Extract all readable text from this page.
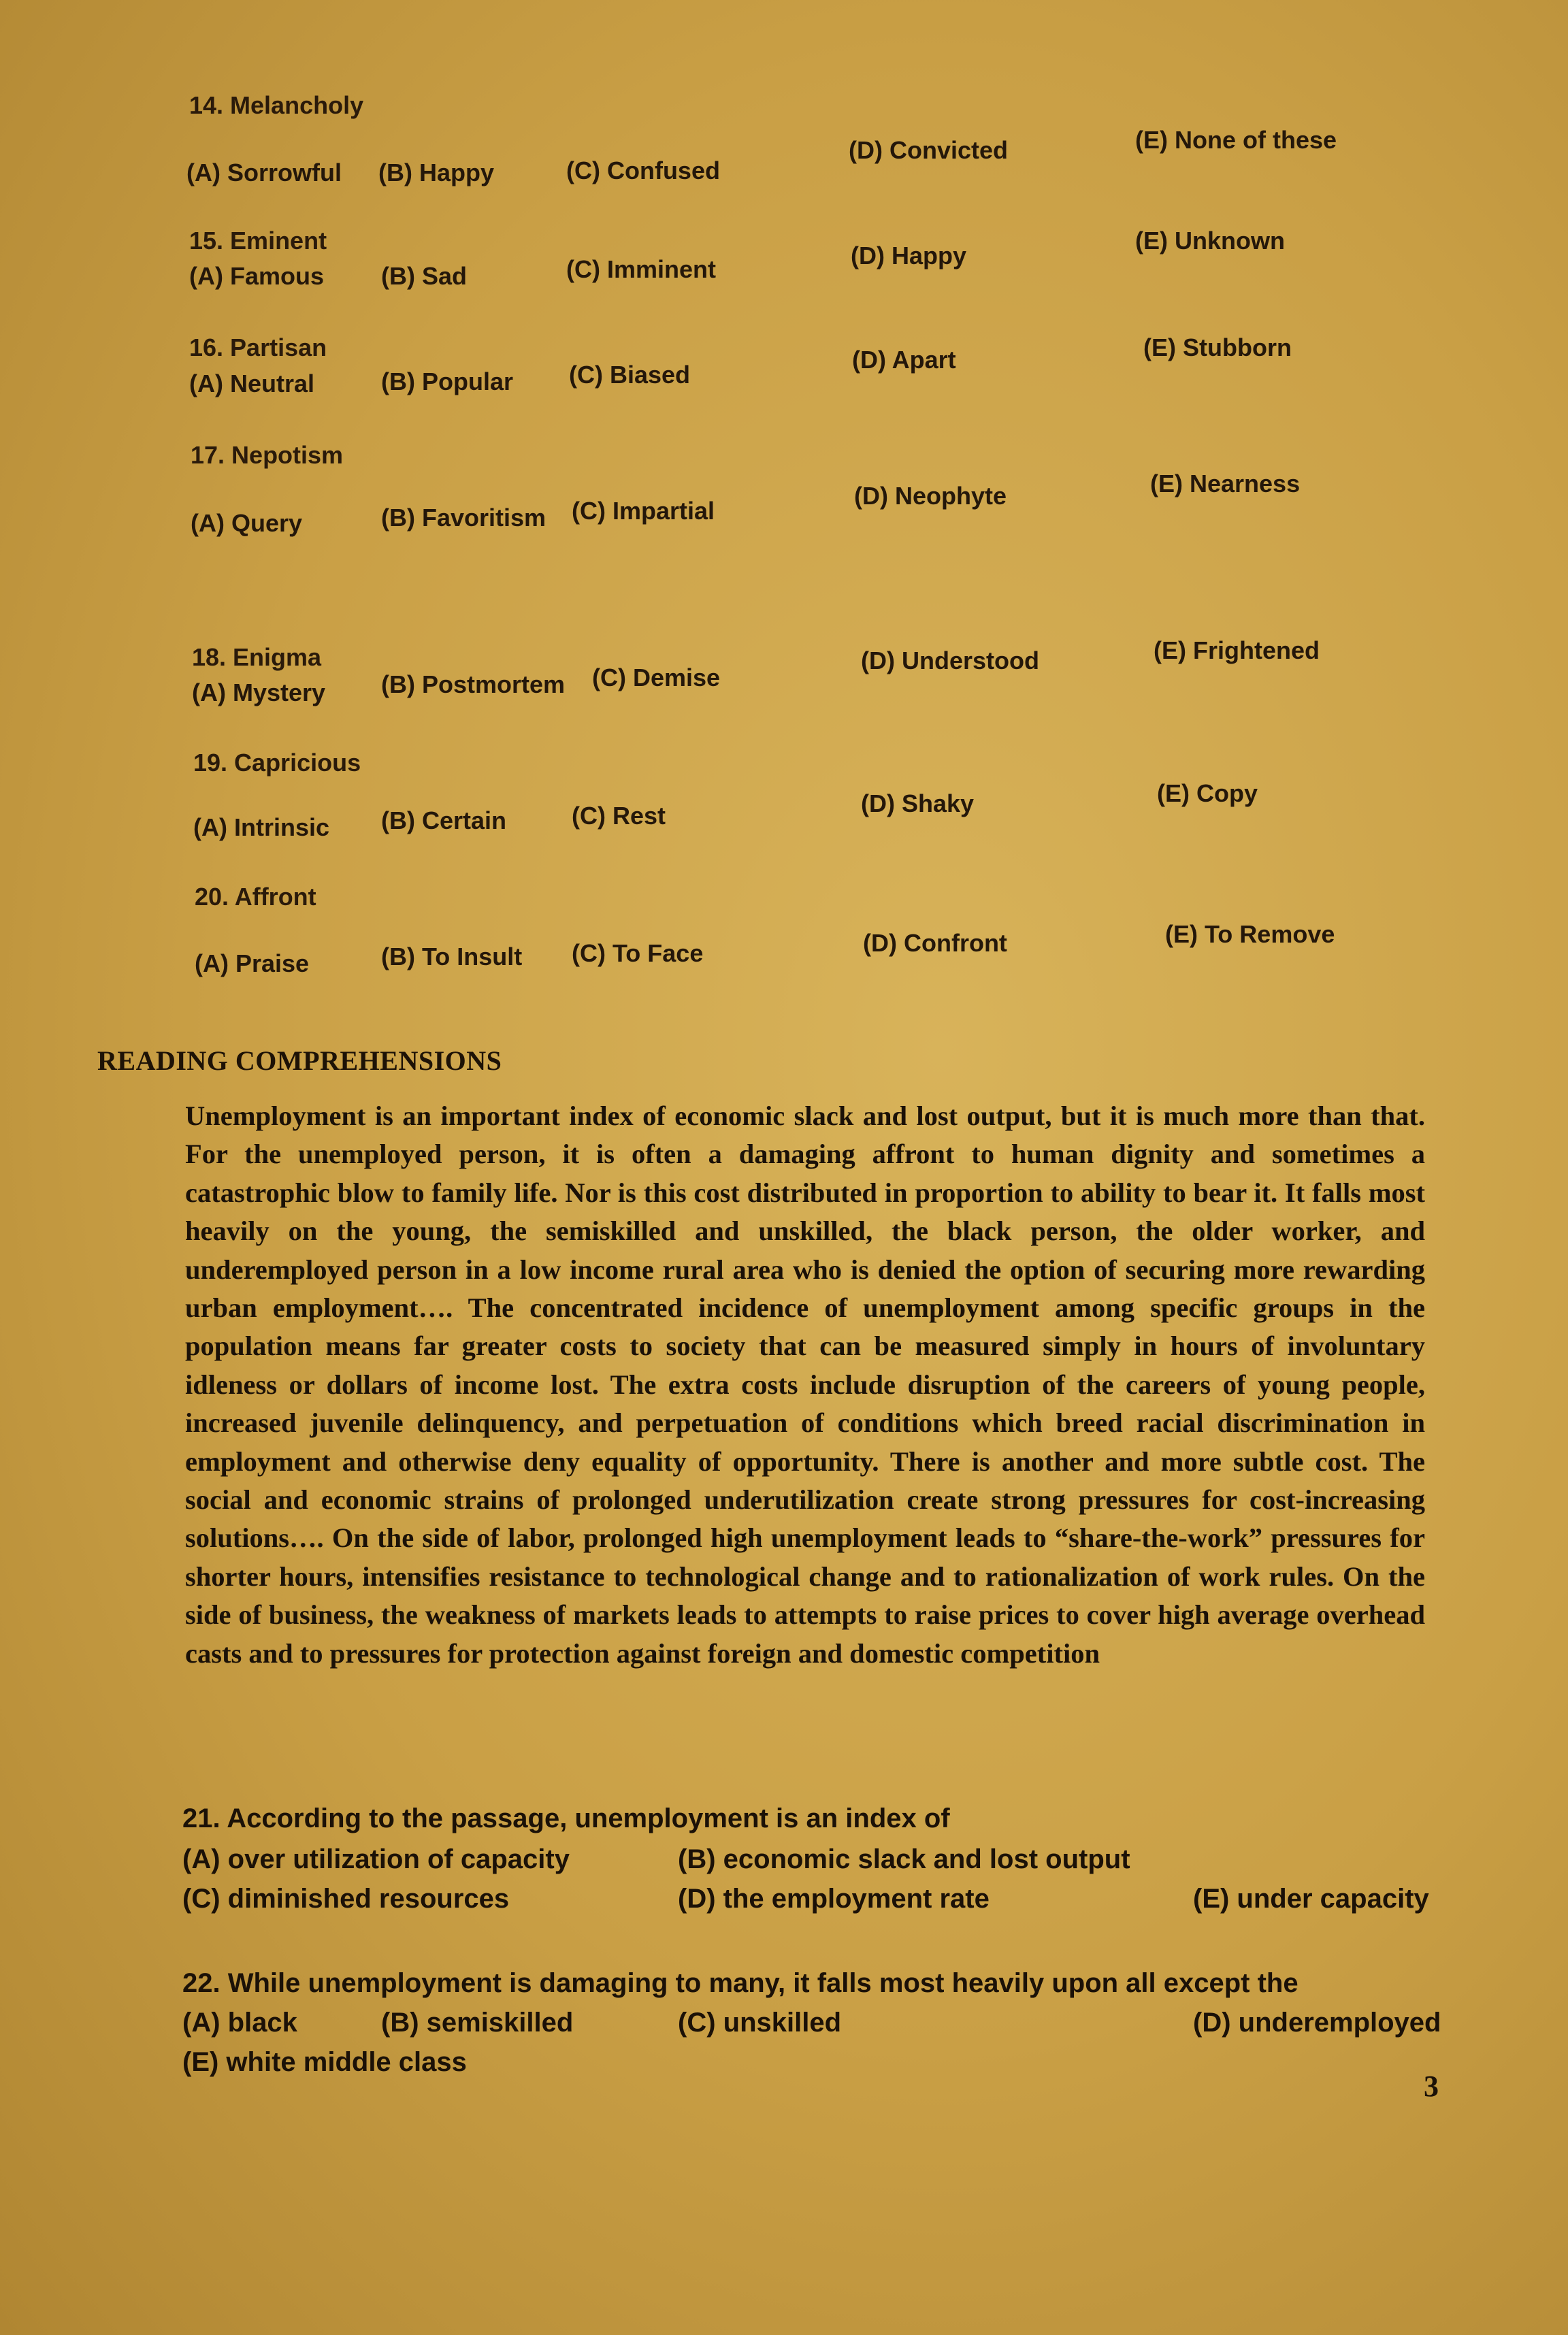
14. Melancholy
(A) Sorrowful (B) Happy	(C) Confused
(D) Convicted	(E) None of these
15. Eminent
(A) Famous (B) Sad	(C) Imminent	(D) Happy
(E) Unknown
16. Partisan
(A) Neutral	(B) Popular (C) Biased
(D) Apart	(E) Stubborn
17. Nepotism
(A) Query	(B) Favoritism (C) Impartial
(D) Neophyte	(E) Nearness
18. Enigma
(A) Mystery (B) Postmortem (C) Demise
(D) Understood	(E) Frightened
19. Capricious
(A) Intrinsic (B) Certain	(C) Rest	(D) Shaky	(E) Copy
20. Affront
(A) Praise	(B) To Insult (C) To Face	(D) Confront	(E) To Remove
READING COMPREHENSIONS

Unemployment is an important index of economic slack and lost output, but it is much more than that. For the unemployed person, it is often a damaging affront to human dignity and sometimes a catastrophic blow to family life. Nor is this cost distributed in proportion to ability to bear it. It falls most heavily on the young, the semiskilled and unskilled, the black person, the older worker, and underemployed person in a low income rural area who is denied the option of securing more rewarding urban employment…. The concentrated incidence of unemployment among specific groups in the population means far greater costs to society that can be measured simply in hours of involuntary idleness or dollars of income lost. The extra costs include disruption of the careers of young people, increased juvenile delinquency, and perpetuation of conditions which breed racial discrimination in employment and otherwise deny equality of opportunity. There is another and more subtle cost. The social and economic strains of prolonged underutilization create strong pressures for cost-increasing solutions…. On the side of labor, prolonged high unemployment leads to “share-the-work” pressures for shorter hours, intensifies resistance to technological change and to rationalization of work rules. On the side of business, the weakness of markets leads to attempts to raise prices to cover high average overhead casts and to pressures for protection against foreign and domestic competition

21. According to the passage, unemployment is an index of
(A) over utilization of capacity	(B) economic slack and lost output
(C) diminished resources	(D) the employment rate	(E) under capacity
22. While unemployment is damaging to many, it falls most heavily upon all except the
(A) black	(B) semiskilled	(C) unskilled	(D) underemployed
(E) white middle class
3
